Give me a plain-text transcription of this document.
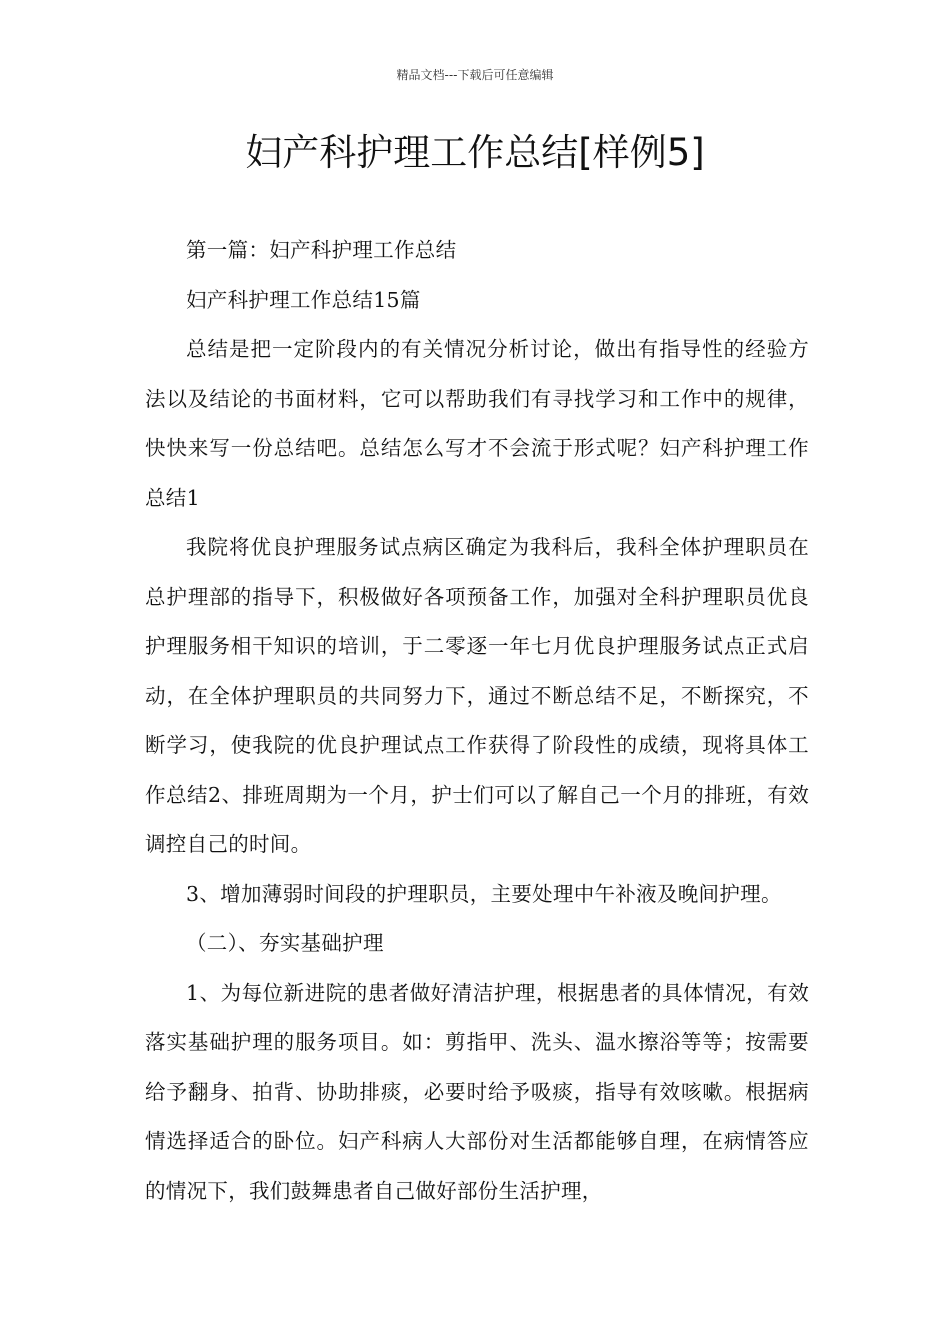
精品文档---下载后可任意编辑
妇产科护理工作总结[样例5]

第一篇：妇产科护理工作总结

妇产科护理工作总结15篇

总结是把一定阶段内的有关情况分析讨论，做出有指导性的经验方法以及结论的书面材料，它可以帮助我们有寻找学习和工作中的规律，快快来写一份总结吧。总结怎么写才不会流于形式呢？妇产科护理工作总结1

我院将优良护理服务试点病区确定为我科后，我科全体护理职员在总护理部的指导下，积极做好各项预备工作，加强对全科护理职员优良护理服务相干知识的培训，于二零逐一年七月优良护理服务试点正式启动，在全体护理职员的共同努力下，通过不断总结不足，不断探究，不断学习，使我院的优良护理试点工作获得了阶段性的成绩，现将具体工作总结2、排班周期为一个月，护士们可以了解自己一个月的排班，有效调控自己的时间。

3、增加薄弱时间段的护理职员，主要处理中午补液及晚间护理。

（二）、夯实基础护理

1、为每位新进院的患者做好清洁护理，根据患者的具体情况，有效落实基础护理的服务项目。如：剪指甲、洗头、温水擦浴等等；按需要给予翻身、拍背、协助排痰，必要时给予吸痰，指导有效咳嗽。根据病情选择适合的卧位。妇产科病人大部份对生活都能够自理，在病情答应的情况下，我们鼓舞患者自己做好部份生活护理，
